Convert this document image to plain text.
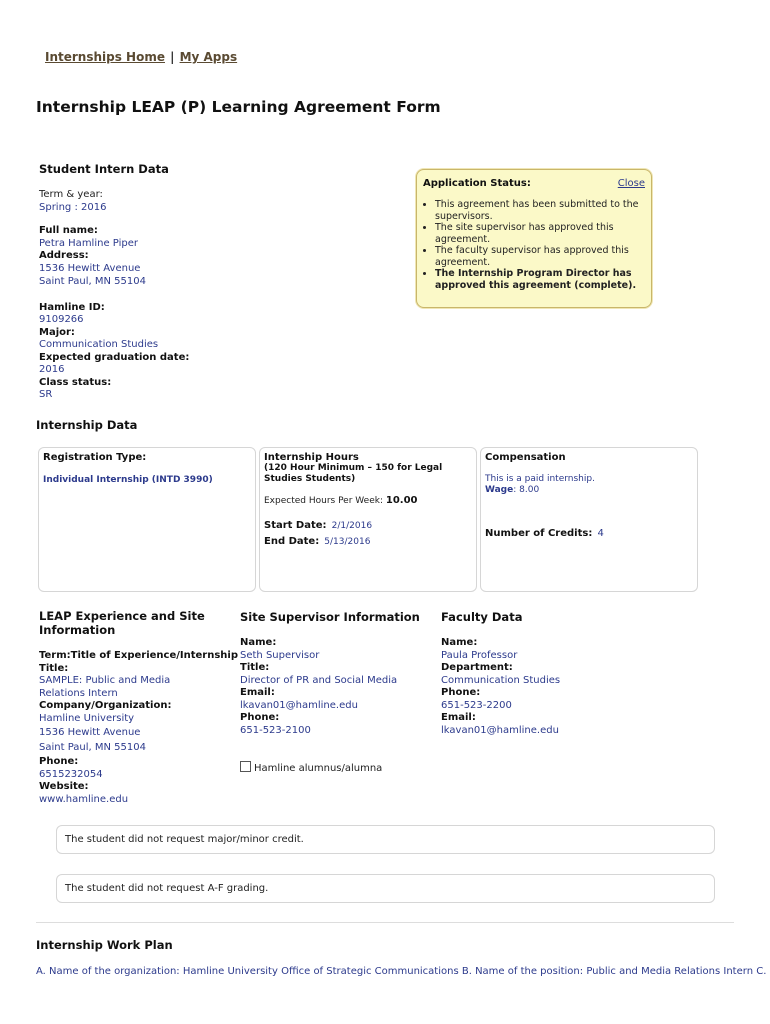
Internships Home | My Apps
Internship LEAP (P) Learning Agreement Form
Student Intern Data
Term & year:
Spring : 2016
Full name:
Petra Hamline Piper
Address:
1536 Hewitt Avenue
Saint Paul, MN 55104
Hamline ID:
9109266
Major:
Communication Studies
Expected graduation date:
2016
Class status:
SR
Application Status:	Close
• This agreement has been submitted to the supervisors.
• The site supervisor has approved this agreement.
• The faculty supervisor has approved this agreement.
• The Internship Program Director has approved this agreement (complete).
Internship Data
Registration Type:
Individual Internship (INTD 3990)
Internship Hours
(120 Hour Minimum – 150 for Legal Studies Students)
Expected Hours Per Week: 10.00
Start Date: 2/1/2016
End Date: 5/13/2016
Compensation
This is a paid internship.
Wage: 8.00
Number of Credits: 4
LEAP Experience and Site Information
Term:Title of Experience/Internship
Title:
SAMPLE: Public and Media Relations Intern
Company/Organization:
Hamline University
1536 Hewitt Avenue
Saint Paul, MN 55104
Phone:
6515232054
Website:
www.hamline.edu
Site Supervisor Information
Name:
Seth Supervisor
Title:
Director of PR and Social Media
Email:
lkavan01@hamline.edu
Phone:
651-523-2100
Hamline alumnus/alumna
Faculty Data
Name:
Paula Professor
Department:
Communication Studies
Phone:
651-523-2200
Email:
lkavan01@hamline.edu
The student did not request major/minor credit.
The student did not request A-F grading.
Internship Work Plan
A. Name of the organization: Hamline University Office of Strategic Communications B. Name of the position: Public and Media Relations Intern C.
